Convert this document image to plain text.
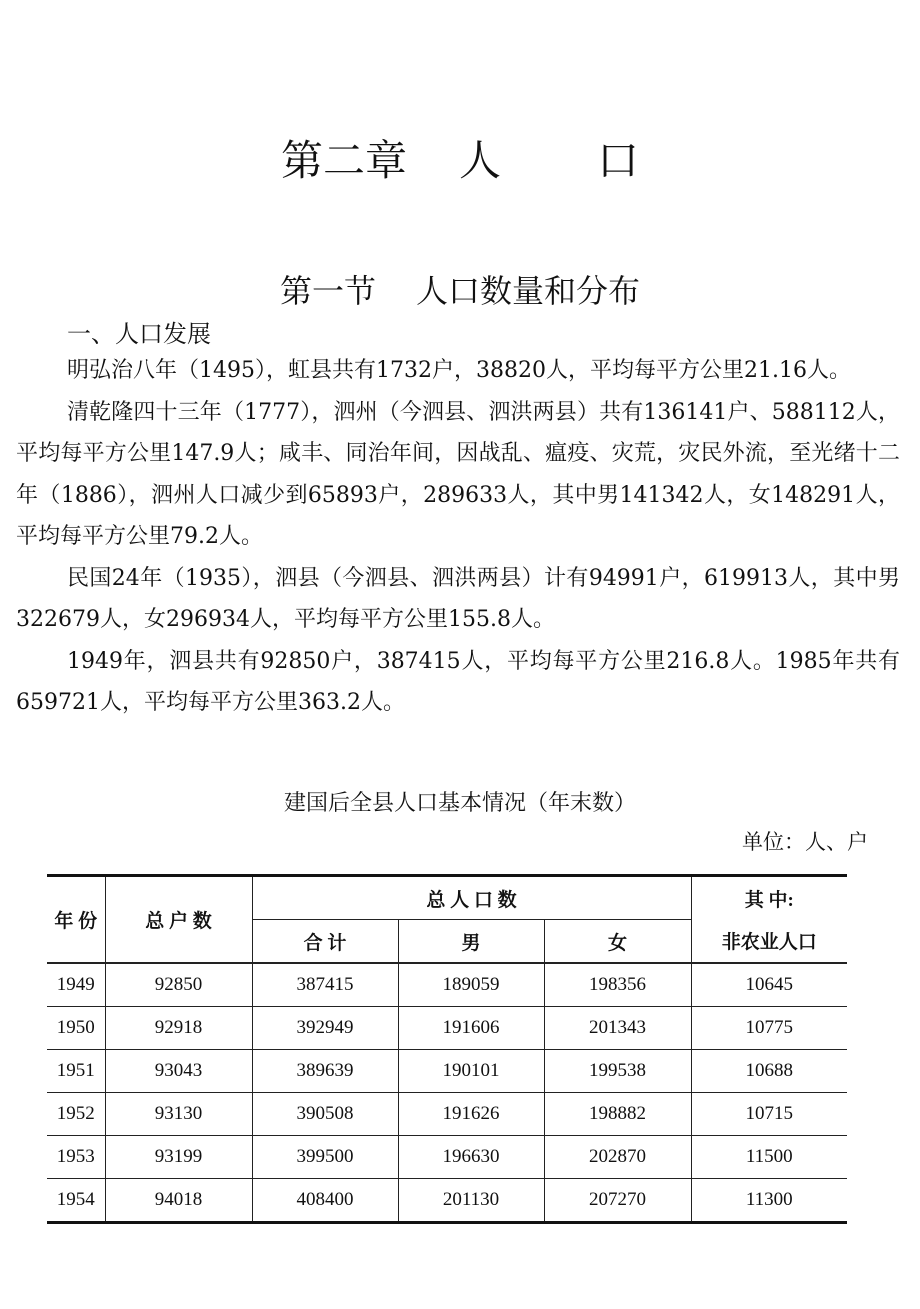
第二章 人 口
第一节 人口数量和分布
一、人口发展

明弘治八年（1495），虹县共有1732户，38820人，平均每平方公里21.16人。

清乾隆四十三年（1777），泗州（今泗县、泗洪两县）共有136141户、588112人，平均每平方公里147.9人；咸丰、同治年间，因战乱、瘟疫、灾荒，灾民外流，至光绪十二年（1886），泗州人口减少到65893户，289633人，其中男141342人，女148291人，平均每平方公里79.2人。

民国24年（1935），泗县（今泗县、泗洪两县）计有94991户，619913人，其中男322679人，女296934人，平均每平方公里155.8人。

1949年，泗县共有92850户，387415人，平均每平方公里216.8人。1985年共有659721人，平均每平方公里363.2人。

建国后全县人口基本情况（年末数）
单位：人、户
年 份	总 户 数	总 人 口 数			其 中:
		合 计	男	女	非农业人口
1949	92850	387415	189059	198356	10645
1950	92918	392949	191606	201343	10775
1951	93043	389639	190101	199538	10688
1952	93130	390508	191626	198882	10715
1953	93199	399500	196630	202870	11500
1954	94018	408400	201130	207270	11300
